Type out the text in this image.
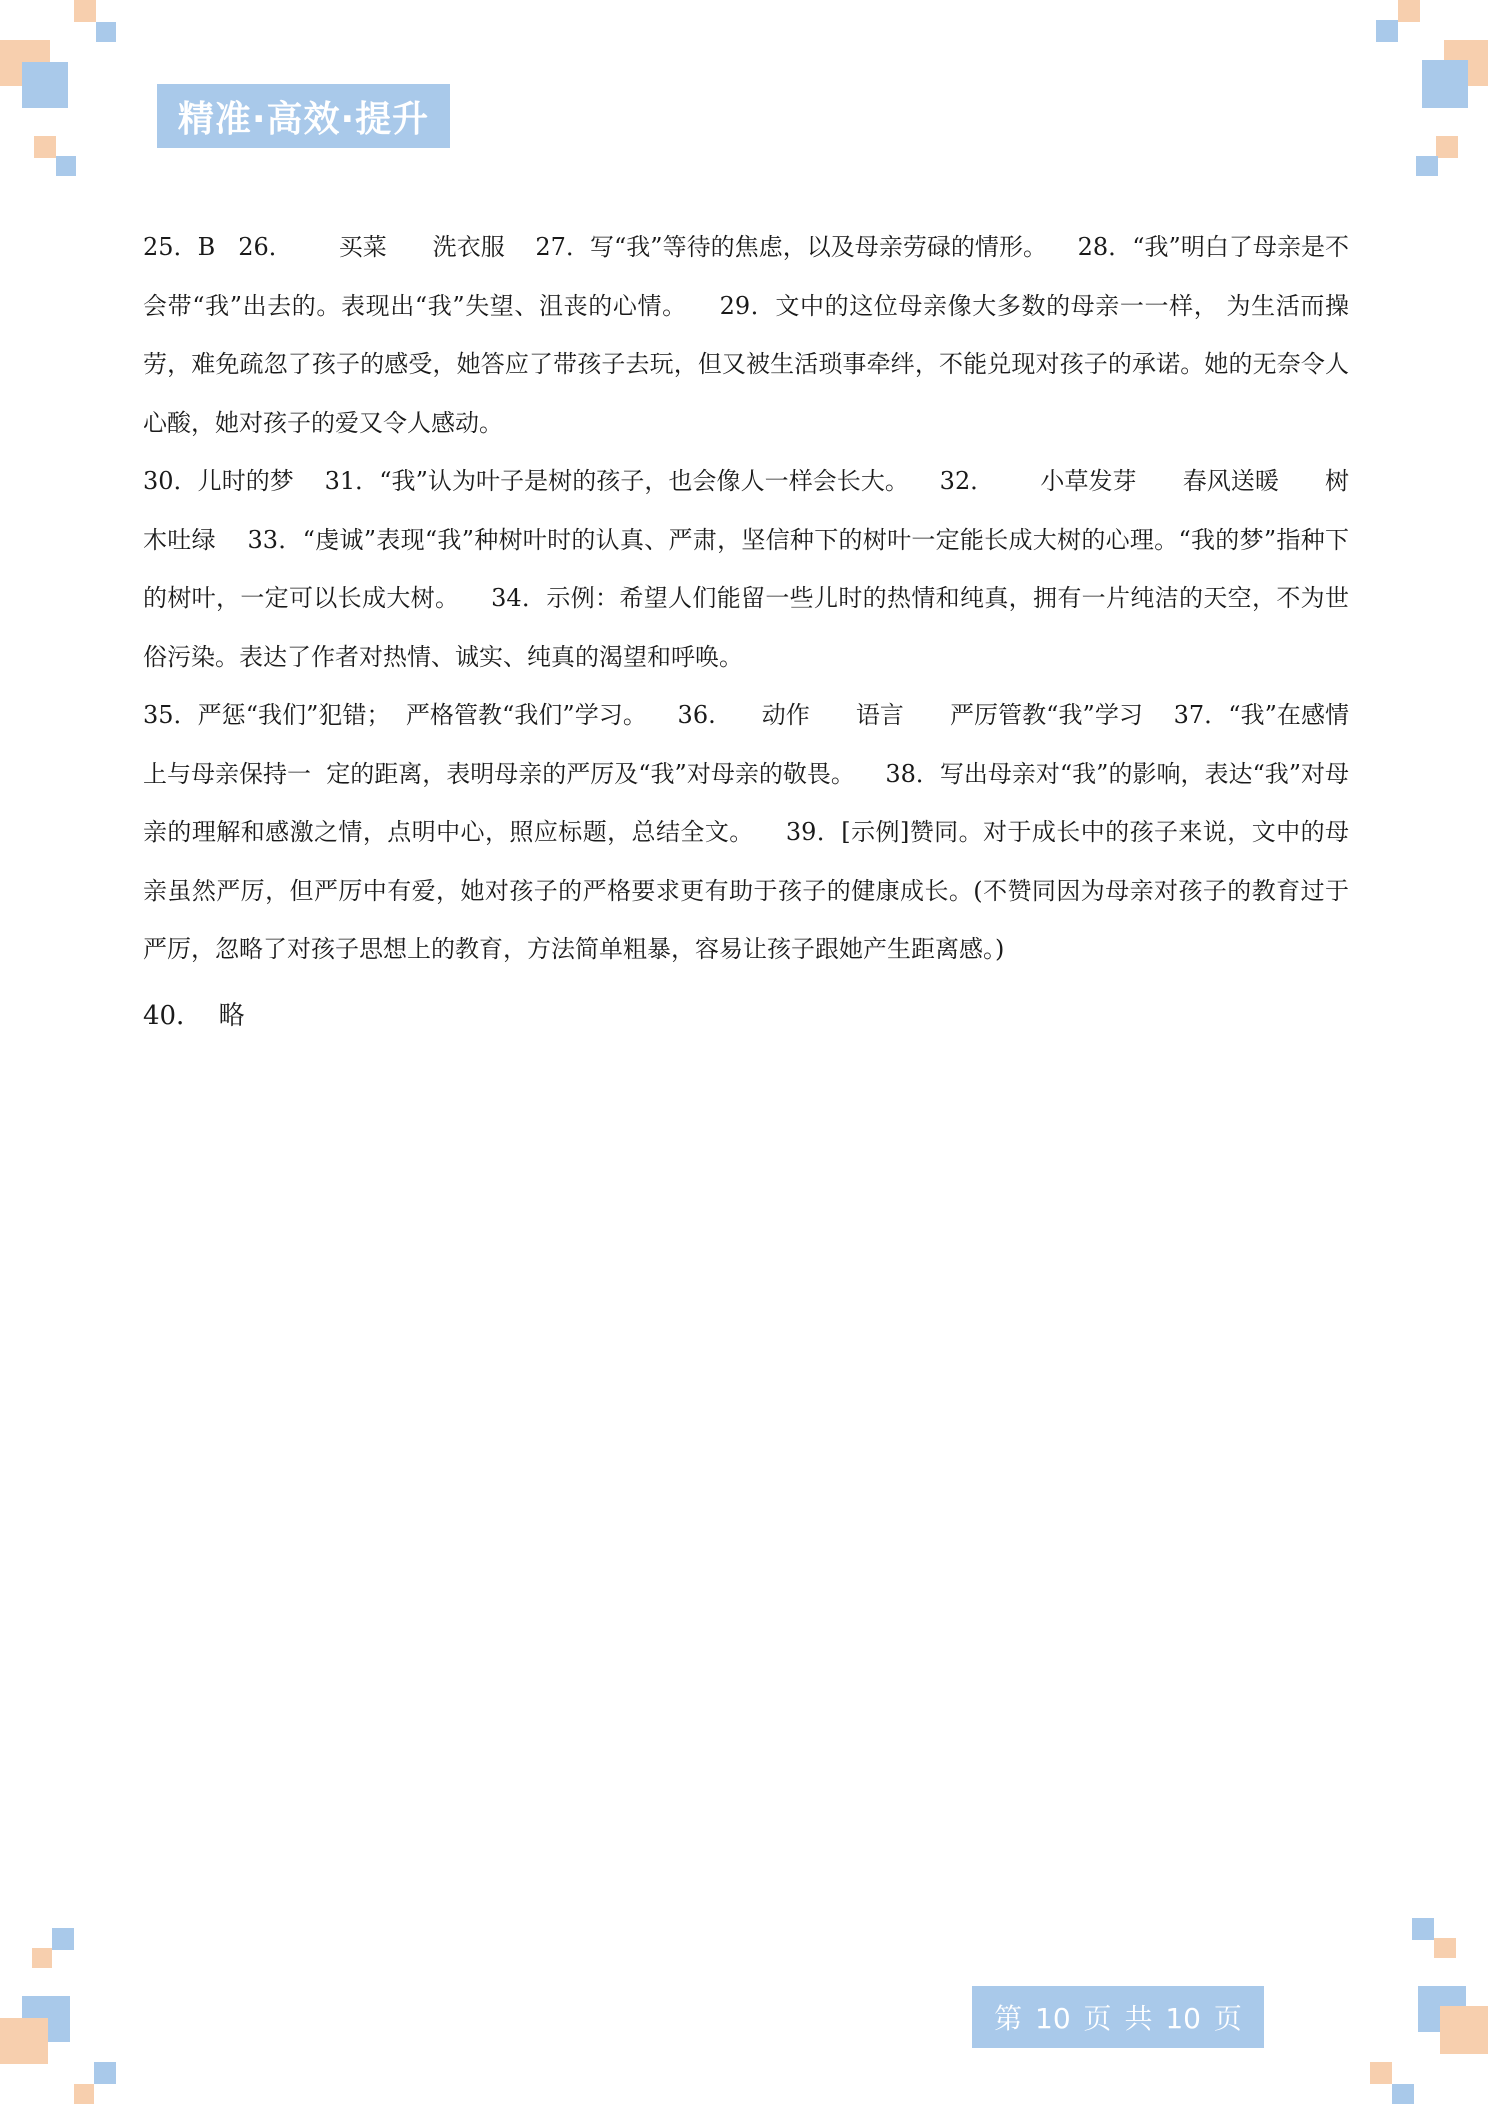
精准·高效·提升

25．B   26．      买菜      洗衣服    27．写“我”等待的焦虑，以及母亲劳碌的情形。    28．“我”明白了母亲是不会带“我”出去的。表现出“我”失望、沮丧的心情。    29．文中的这位母亲像大多数的母亲一一样， 为生活而操劳，难免疏忽了孩子的感受，她答应了带孩子去玩，但又被生活琐事牵绊，不能兑现对孩子的承诺。她的无奈令人心酸，她对孩子的爱又令人感动。

30．儿时的梦    31．“我”认为叶子是树的孩子，也会像人一样会长大。    32．      小草发芽      春风送暖      树木吐绿    33．“虔诚”表现“我”种树叶时的认真、严肃，坚信种下的树叶一定能长成大树的心理。“我的梦”指种下的树叶，一定可以长成大树。    34．示例：希望人们能留一些儿时的热情和纯真，拥有一片纯洁的天空，不为世俗污染。表达了作者对热情、诚实、纯真的渴望和呼唤。

35．严惩“我们”犯错；  严格管教“我们”学习。    36.      动作      语言      严厉管教“我”学习    37．“我”在感情上与母亲保持一  定的距离，表明母亲的严厉及“我”对母亲的敬畏。    38．写出母亲对“我”的影响，表达“我”对母亲的理解和感激之情，点明中心，照应标题，总结全文。    39．[示例]赞同。对于成长中的孩子来说，文中的母亲虽然严厉，但严厉中有爱，她对孩子的严格要求更有助于孩子的健康成长。(不赞同因为母亲对孩子的教育过于严厉，忽略了对孩子思想上的教育，方法简单粗暴，容易让孩子跟她产生距离感。)

40．  略

第 10 页 共 10 页
